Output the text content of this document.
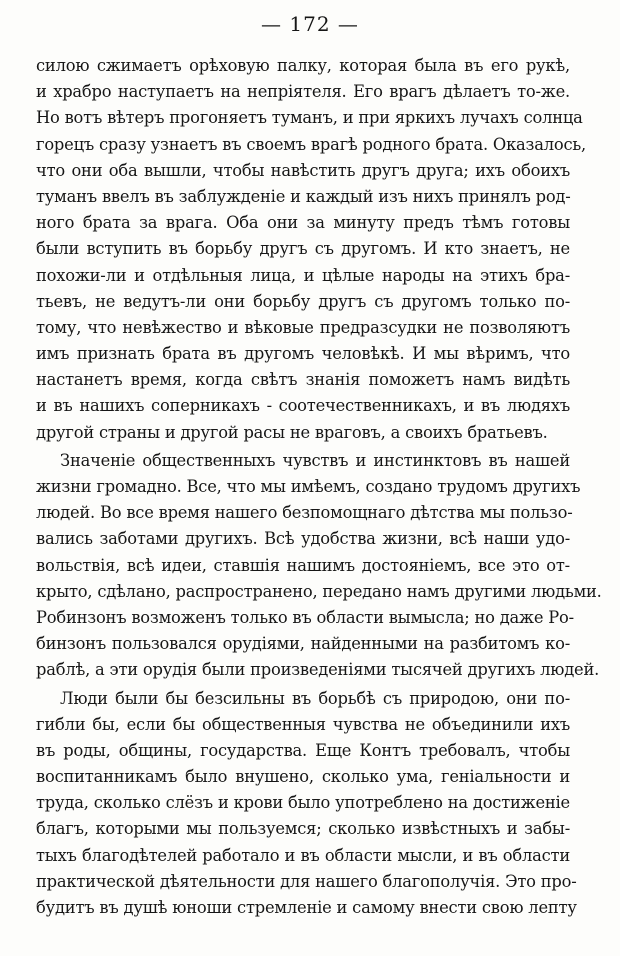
— 172 —
силою сжимаетъ орѣховую палку, которая была въ его рукѣ,
и храбро наступаетъ на непріятеля. Его врагъ дѣлаетъ то-же.
Но вотъ вѣтеръ прогоняетъ туманъ, и при яркихъ лучахъ солнца
горецъ сразу узнаетъ въ своемъ врагѣ родного брата. Оказалось,
что они оба вышли, чтобы навѣстить другъ друга; ихъ обоихъ
туманъ ввелъ въ заблужденіе и каждый изъ нихъ принялъ род-
ного брата за врага. Оба они за минуту предъ тѣмъ готовы
были вступить въ борьбу другъ съ другомъ. И кто знаетъ, не
похожи-ли и отдѣльныя лица, и цѣлые народы на этихъ бра-
тьевъ, не ведутъ-ли они борьбу другъ съ другомъ только по-
тому, что невѣжество и вѣковые предразсудки не позволяютъ
имъ признать брата въ другомъ человѣкѣ. И мы вѣримъ, что
настанетъ время, когда свѣтъ знанія поможетъ намъ видѣть
и въ нашихъ соперникахъ - соотечественникахъ, и въ людяхъ
другой страны и другой расы не враговъ, а своихъ братьевъ.
Значеніе общественныхъ чувствъ и инстинктовъ въ нашей
жизни громадно. Все, что мы имѣемъ, создано трудомъ другихъ
людей. Во все время нашего безпомощнаго дѣтства мы пользо-
вались заботами другихъ. Всѣ удобства жизни, всѣ наши удо-
вольствія, всѣ идеи, ставшія нашимъ достояніемъ, все это от-
крыто, сдѣлано, распространено, передано намъ другими людьми.
Робинзонъ возможенъ только въ области вымысла; но даже Ро-
бинзонъ пользовался орудіями, найденными на разбитомъ ко-
раблѣ, а эти орудія были произведеніями тысячей другихъ людей.
Люди были бы безсильны въ борьбѣ съ природою, они по-
гибли бы, если бы общественныя чувства не объединили ихъ
въ роды, общины, государства. Еще Контъ требовалъ, чтобы
воспитанникамъ было внушено, сколько ума, геніальности и
труда, сколько слёзъ и крови было употреблено на достиженіе
благъ, которыми мы пользуемся; сколько извѣстныхъ и забы-
тыхъ благодѣтелей работало и въ области мысли, и въ области
практической дѣятельности для нашего благополучія. Это про-
будитъ въ душѣ юноши стремленіе и самому внести свою лепту
